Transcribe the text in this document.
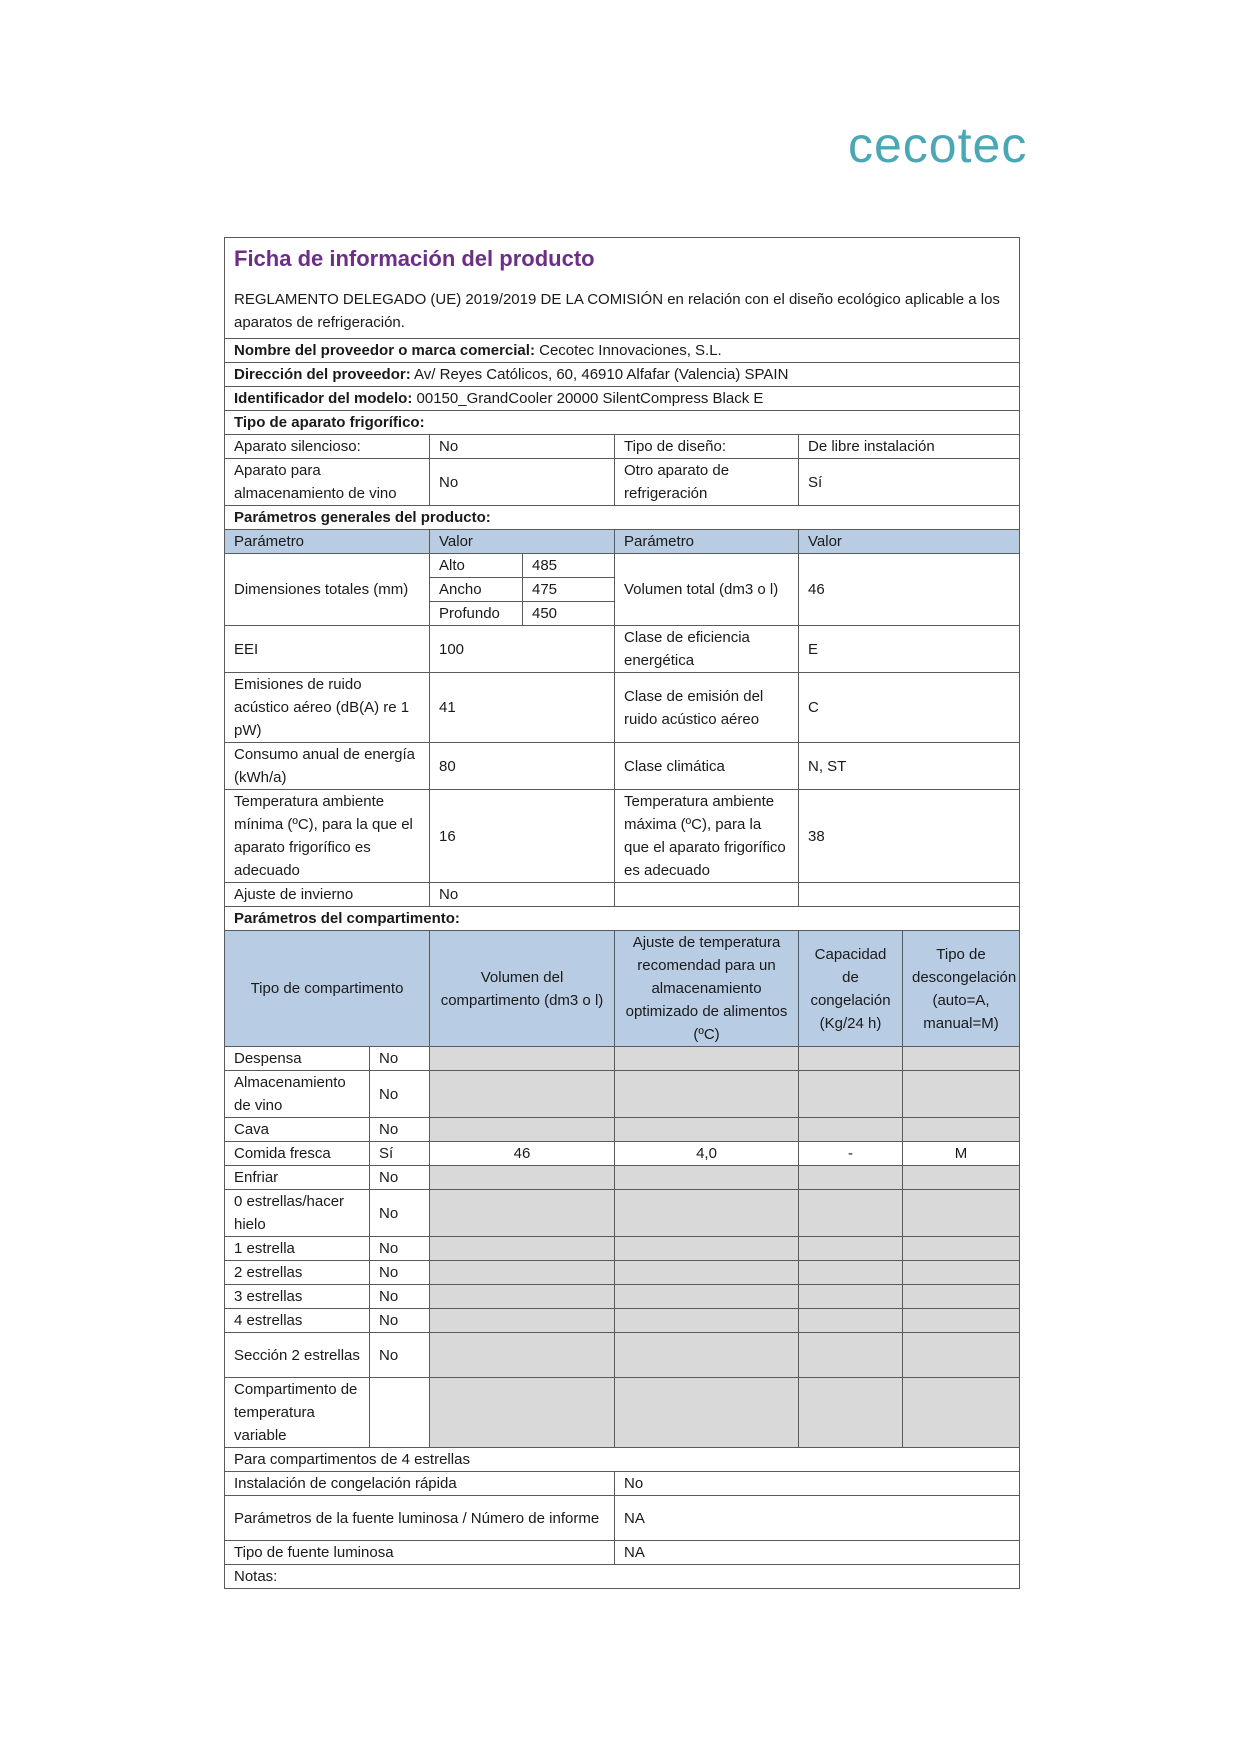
cecotec
Ficha de información del producto
REGLAMENTO DELEGADO (UE) 2019/2019 DE LA COMISIÓN en relación con el diseño ecológico aplicable a los aparatos de refrigeración.						

Nombre del proveedor o marca comercial: Cecotec Innovaciones, S.L.						
Dirección del proveedor: Av/ Reyes Católicos, 60, 46910 Alfafar (Valencia) SPAIN						
Identificador del modelo: 00150_GrandCooler 20000 SilentCompress Black E						
Tipo de aparato frigorífico:						
Aparato silencioso:		No		Tipo de diseño:	De libre instalación	
Aparato para almacenamiento de vino		No		Otro aparato de refrigeración	Sí	
Parámetros generales del producto:						
Parámetro		Valor		Parámetro	Valor	
Dimensiones totales (mm)		Alto	485	Volumen total (dm3 o l)	46	
		Ancho	475			
		Profundo	450			
EEI		100		Clase de eficiencia energética	E	
Emisiones de ruido acústico aéreo (dB(A) re 1 pW)		41		Clase de emisión del ruido acústico aéreo	C	
Consumo anual de energía (kWh/a)		80		Clase climática	N, ST	
Temperatura ambiente mínima (ºC), para la que el aparato frigorífico es adecuado		16		Temperatura ambiente máxima (ºC), para la que el aparato frigorífico es adecuado	38	
Ajuste de invierno		No				
Parámetros del compartimento:						
Tipo de compartimento		Volumen del compartimento (dm3 o l)		Ajuste de temperatura recomendad para un almacenamiento optimizado de alimentos (ºC)	Capacidad de congelación (Kg/24 h)	Tipo de descongelación (auto=A, manual=M)
Despensa	No					
Almacenamiento de vino	No					
Cava	No					
Comida fresca	Sí	46		4,0	-	M
Enfriar	No					
0 estrellas/hacer hielo	No					
1 estrella	No					
2 estrellas	No					
3 estrellas	No					
4 estrellas	No					
Sección 2 estrellas	No					
Compartimento de temperatura variable						
Para compartimentos de 4 estrellas						
Instalación de congelación rápida				No		
Parámetros de la fuente luminosa / Número de informe				NA		
Tipo de fuente luminosa				NA		
Notas:						
